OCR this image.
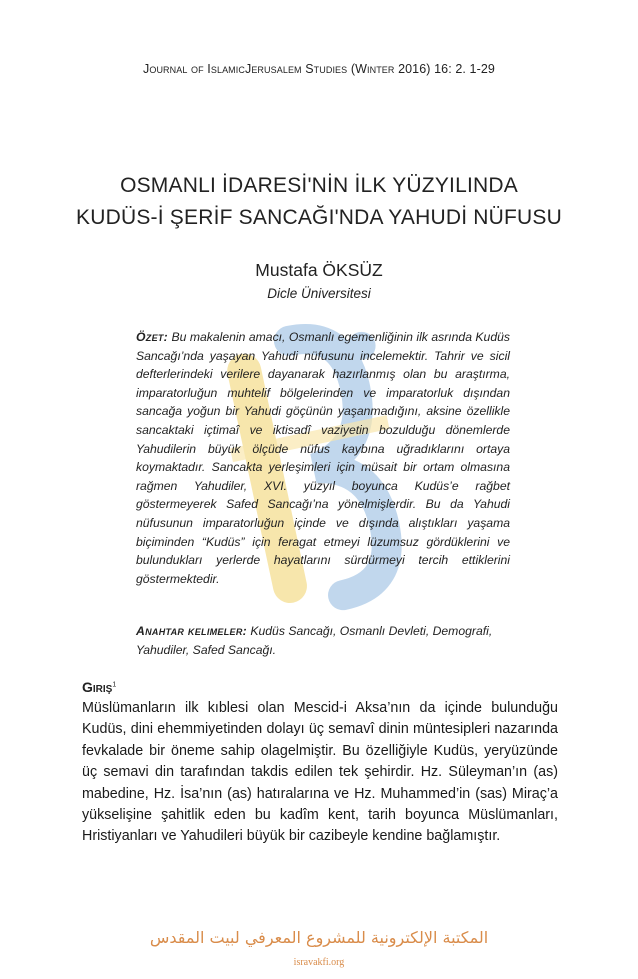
Journal of IslamicJerusalem Studies (Winter 2016) 16: 2. 1-29
OSMANLI İDARESİ'NİN İLK YÜZYILINDA
KUDÜS-İ ŞERİF SANCAĞI'NDA YAHUDİ NÜFUSU
Mustafa ÖKSÜZ
Dicle Üniversitesi
Özet: Bu makalenin amacı, Osmanlı egemenliğinin ilk asrında Kudüs Sancağı’nda yaşayan Yahudi nüfusunu incelemektir. Tahrir ve sicil defterlerindeki verilere dayanarak hazırlanmış olan bu araştırma, imparatorluğun muhtelif bölgelerinden ve imparatorluk dışından sancağa yoğun bir Yahudi göçünün yaşanmadığını, aksine özellikle sancaktaki içtimaî ve iktisadî vaziyetin bozulduğu dönemlerde Yahudilerin büyük ölçüde nüfus kaybına uğradıklarını ortaya koymaktadır. Sancakta yerleşimleri için müsait bir ortam olmasına rağmen Yahudiler, XVI. yüzyıl boyunca Kudüs’e rağbet göstermeyerek Safed Sancağı’na yönelmişlerdir. Bu da Yahudi nüfusunun imparatorluğun içinde ve dışında alıştıkları yaşama biçiminden “Kudüs” için feragat etmeyi lüzumsuz gördüklerini ve bulundukları yerlerde hayatlarını sürdürmeyi tercih ettiklerini göstermektedir.
Anahtar kelimeler: Kudüs Sancağı, Osmanlı Devleti, Demografi, Yahudiler, Safed Sancağı.
Giriş$^1$
Müslümanların ilk kıblesi olan Mescid-i Aksa’nın da içinde bulunduğu Kudüs, dini ehemmiyetinden dolayı üç semavî dinin müntesipleri nazarında fevkalade bir öneme sahip olagelmiştir. Bu özelliğiyle Kudüs, yeryüzünde üç semavi din tarafından takdis edilen tek şehirdir. Hz. Süleyman’ın (as) mabedine, Hz. İsa’nın (as) hatıralarına ve Hz. Muhammed’in (sas) Miraç’a yükselişine şahitlik eden bu kadîm kent, tarih boyunca Müslümanları, Hristiyanları ve Yahudileri büyük bir cazibeyle kendine bağlamıştır.
المكتبة الإلكترونية للمشروع المعرفي لبيت المقدس
isravakfi.org
